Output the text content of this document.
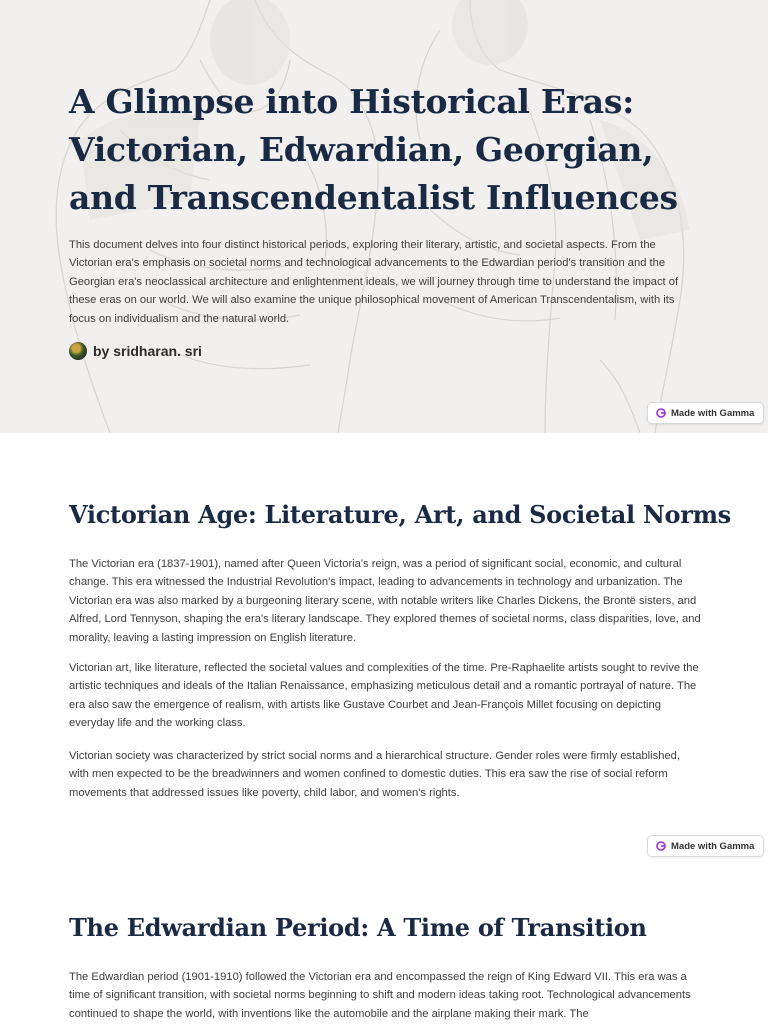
A Glimpse into Historical Eras: Victorian, Edwardian, Georgian, and Transcendentalist Influences

This document delves into four distinct historical periods, exploring their literary, artistic, and societal aspects. From the Victorian era's emphasis on societal norms and technological advancements to the Edwardian period's transition and the Georgian era's neoclassical architecture and enlightenment ideals, we will journey through time to understand the impact of these eras on our world. We will also examine the unique philosophical movement of American Transcendentalism, with its focus on individualism and the natural world.

by sridharan. sri
Made with Gamma
Victorian Age: Literature, Art, and Societal Norms

The Victorian era (1837-1901), named after Queen Victoria's reign, was a period of significant social, economic, and cultural change. This era witnessed the Industrial Revolution's impact, leading to advancements in technology and urbanization. The Victorian era was also marked by a burgeoning literary scene, with notable writers like Charles Dickens, the Brontë sisters, and Alfred, Lord Tennyson, shaping the era's literary landscape. They explored themes of societal norms, class disparities, love, and morality, leaving a lasting impression on English literature.

Victorian art, like literature, reflected the societal values and complexities of the time. Pre-Raphaelite artists sought to revive the artistic techniques and ideals of the Italian Renaissance, emphasizing meticulous detail and a romantic portrayal of nature. The era also saw the emergence of realism, with artists like Gustave Courbet and Jean-François Millet focusing on depicting everyday life and the working class.

Victorian society was characterized by strict social norms and a hierarchical structure. Gender roles were firmly established, with men expected to be the breadwinners and women confined to domestic duties. This era saw the rise of social reform movements that addressed issues like poverty, child labor, and women's rights.

Made with Gamma
The Edwardian Period: A Time of Transition

The Edwardian period (1901-1910) followed the Victorian era and encompassed the reign of King Edward VII. This era was a time of significant transition, with societal norms beginning to shift and modern ideas taking root. Technological advancements continued to shape the world, with inventions like the automobile and the airplane making their mark. The
